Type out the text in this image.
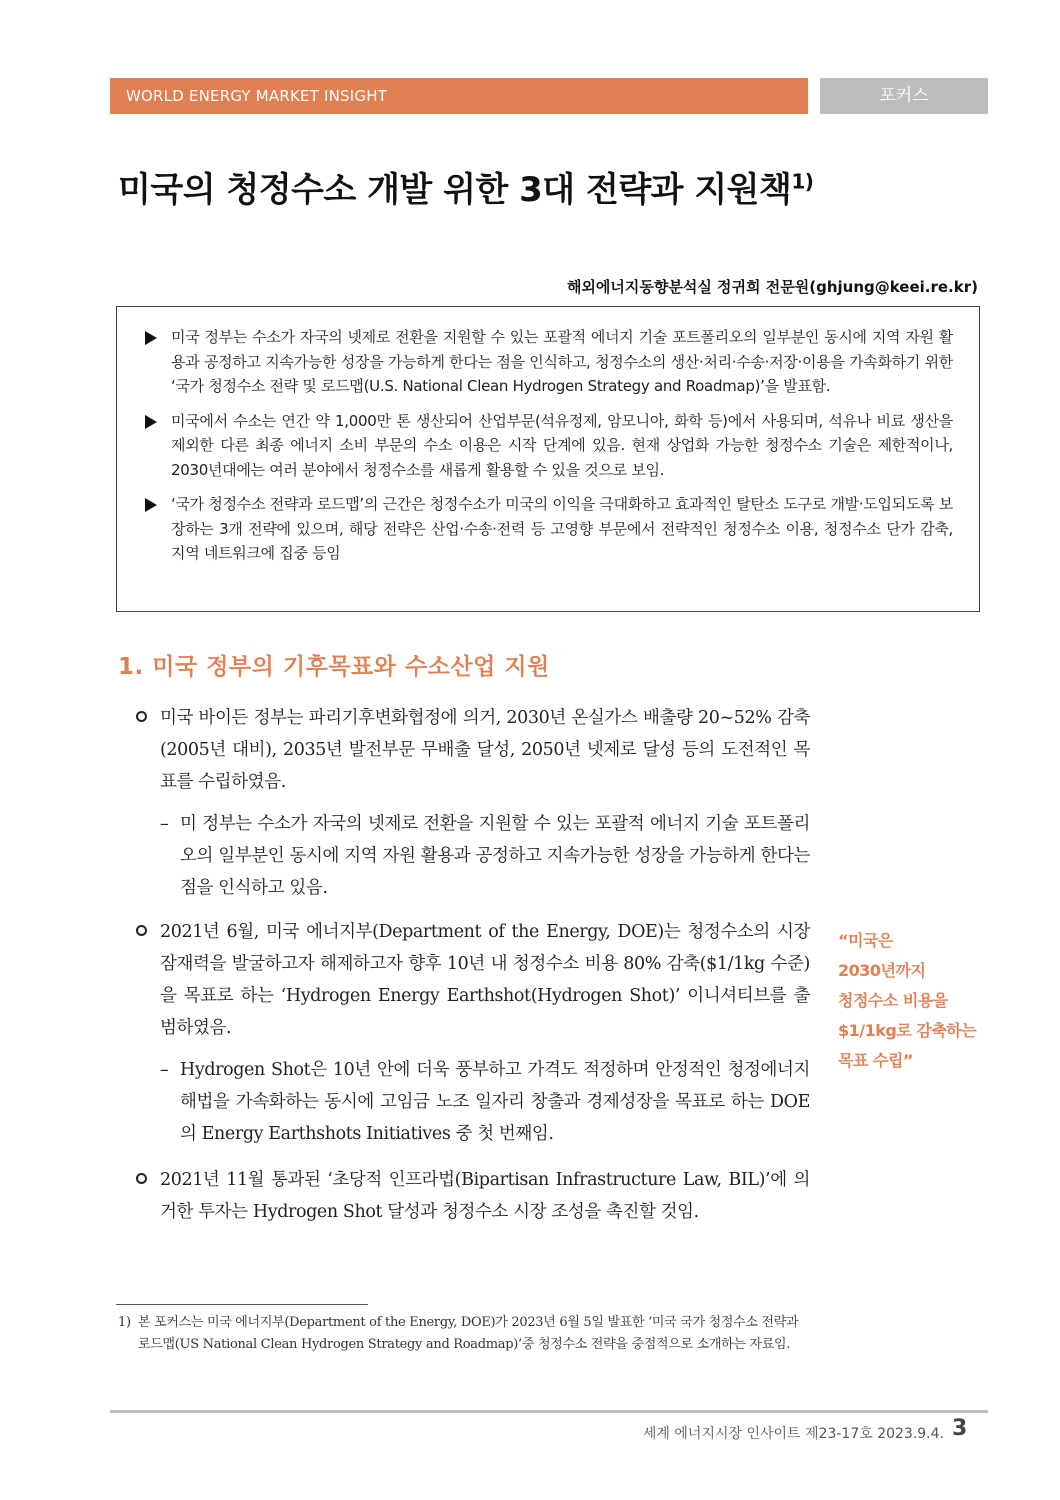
WORLD ENERGY MARKET INSIGHT	포커스
미국의 청정수소 개발 위한 3대 전략과 지원책$^{1)}$
해외에너지동향분석실 정귀희 전문원(ghjung@keei.re.kr)
미국 정부는 수소가 자국의 넷제로 전환을 지원할 수 있는 포괄적 에너지 기술 포트폴리오의 일부분인 동시에 지역 자원 활용과 공정하고 지속가능한 성장을 가능하게 한다는 점을 인식하고, 청정수소의 생산·처리·수송·저장·이용을 가속화하기 위한 ‘국가 청정수소 전략 및 로드맵(U.S. National Clean Hydrogen Strategy and Roadmap)’을 발표함.
미국에서 수소는 연간 약 1,000만 톤 생산되어 산업부문(석유정제, 암모니아, 화학 등)에서 사용되며, 석유나 비료 생산을 제외한 다른 최종 에너지 소비 부문의 수소 이용은 시작 단계에 있음. 현재 상업화 가능한 청정수소 기술은 제한적이나, 2030년대에는 여러 분야에서 청정수소를 새롭게 활용할 수 있을 것으로 보임.
‘국가 청정수소 전략과 로드맵’의 근간은 청정수소가 미국의 이익을 극대화하고 효과적인 탈탄소 도구로 개발·도입되도록 보장하는 3개 전략에 있으며, 해당 전략은 산업·수송·전력 등 고영향 부문에서 전략적인 청정수소 이용, 청정수소 단가 감축, 지역 네트워크에 집중 등임
1. 미국 정부의 기후목표와 수소산업 지원
미국 바이든 정부는 파리기후변화협정에 의거, 2030년 온실가스 배출량 20~52% 감축(2005년 대비), 2035년 발전부문 무배출 달성, 2050년 넷제로 달성 등의 도전적인 목표를 수립하였음.
– 미 정부는 수소가 자국의 넷제로 전환을 지원할 수 있는 포괄적 에너지 기술 포트폴리오의 일부분인 동시에 지역 자원 활용과 공정하고 지속가능한 성장을 가능하게 한다는 점을 인식하고 있음.
2021년 6월, 미국 에너지부(Department of the Energy, DOE)는 청정수소의 시장 잠재력을 발굴하고자 해제하고자 향후 10년 내 청정수소 비용 80% 감축($1/1kg 수준)을 목표로 하는 ‘Hydrogen Energy Earthshot(Hydrogen Shot)’ 이니셔티브를 출범하였음.
– Hydrogen Shot은 10년 안에 더욱 풍부하고 가격도 적정하며 안정적인 청정에너지 해법을 가속화하는 동시에 고임금 노조 일자리 창출과 경제성장을 목표로 하는 DOE의 Energy Earthshots Initiatives 중 첫 번째임.
2021년 11월 통과된 ‘초당적 인프라법(Bipartisan Infrastructure Law, BIL)’에 의거한 투자는 Hydrogen Shot 달성과 청정수소 시장 조성을 촉진할 것임.
“미국은
2030년까지
청정수소 비용을
$1/1kg로 감축하는
목표 수립”
1) 본 포커스는 미국 에너지부(Department of the Energy, DOE)가 2023년 6월 5일 발표한 ‘미국 국가 청정수소 전략과 로드맵(US National Clean Hydrogen Strategy and Roadmap)’중 청정수소 전략을 중점적으로 소개하는 자료임.
세계 에너지시장 인사이트 제23-17호 2023.9.4. 3
